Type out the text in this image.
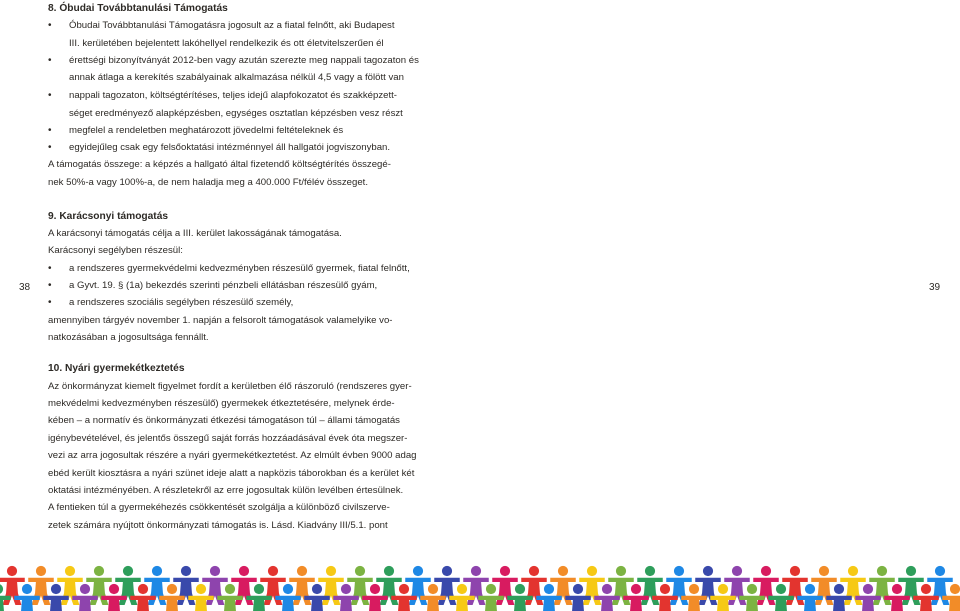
38	39
8. Óbudai Továbbtanulási Támogatás
• Óbudai Továbbtanulási Támogatásra jogosult az a fiatal felnőtt, aki Budapest
III. kerületében bejelentett lakóhellyel rendelkezik és ott életvitelszerűen él
• érettségi bizonyítványát 2012-ben vagy azután szerezte meg nappali tagozaton és
annak átlaga a kerekítés szabályainak alkalmazása nélkül 4,5 vagy a fölött van
• nappali tagozaton, költségtérítéses, teljes idejű alapfokozatot és szakképzett-
séget eredményező alapképzésben, egységes osztatlan képzésben vesz részt
• megfelel a rendeletben meghatározott jövedelmi feltételeknek és
• egyidejűleg csak egy felsőoktatási intézménnyel áll hallgatói jogviszonyban.
A támogatás összege: a képzés a hallgató által fizetendő költségtérítés összegé-
nek 50%-a vagy 100%-a, de nem haladja meg a 400.000 Ft/félév összeget.
9. Karácsonyi támogatás
A karácsonyi támogatás célja a III. kerület lakosságának támogatása.
Karácsonyi segélyben részesül:
• a rendszeres gyermekvédelmi kedvezményben részesülő gyermek, fiatal felnőtt,
• a Gyvt. 19. § (1a) bekezdés szerinti pénzbeli ellátásban részesülő gyám,
• a rendszeres szociális segélyben részesülő személy,
amennyiben tárgyév november 1. napján a felsorolt támogatások valamelyike vo-
natkozásában a jogosultsága fennállt.
10. Nyári gyermekétkeztetés
Az önkormányzat kiemelt figyelmet fordít a kerületben élő rászoruló (rendszeres gyer-
mekvédelmi kedvezményben részesülő) gyermekek étkeztetésére, melynek érde-
kében – a normatív és önkormányzati étkezési támogatáson túl – állami támogatás
igénybevételével, és jelentős összegű saját forrás hozzáadásával évek óta megszer-
vezi az arra jogosultak részére a nyári gyermekétkeztetést. Az elmúlt évben 9000 adag
ebéd került kiosztásra a nyári szünet ideje alatt a napközis táborokban és a kerület két
oktatási intézményében. A részletekről az erre jogosultak külön levélben értesülnek.
A fentieken túl a gyermekéhezés csökkentését szolgálja a különböző civilszerve-
zetek számára nyújtott önkormányzati támogatás is. Lásd. Kiadvány III/5.1. pont
